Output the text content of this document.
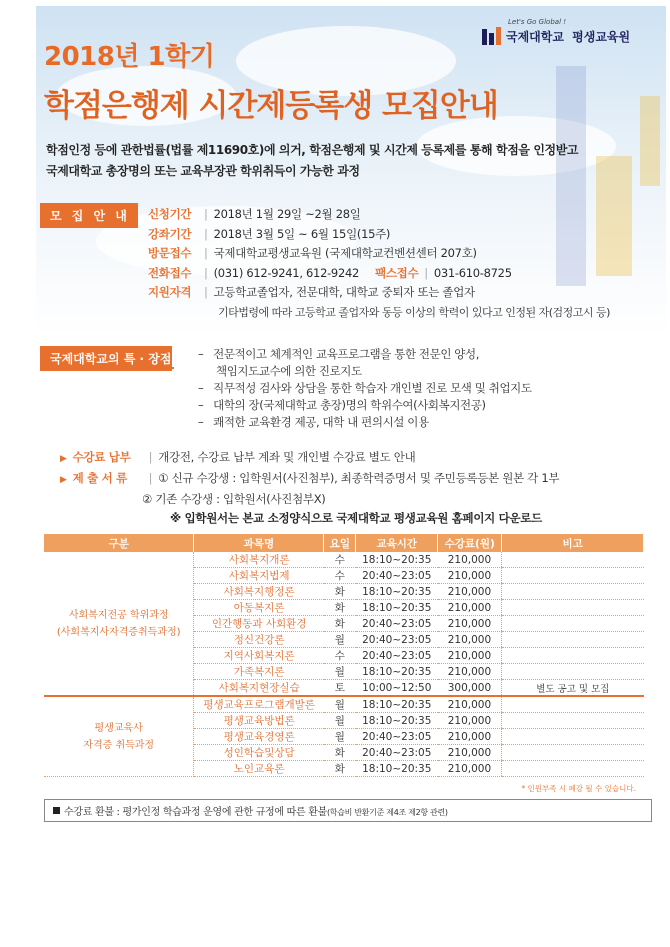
Let's Go Global !
국제대학교 평생교육원
2018년 1학기
학점은행제 시간제등록생 모집안내
학점인정 등에 관한법률(법률 제11690호)에 의거, 학점은행제 및 시간제 등록제를 통해 학점을 인정받고
국제대학교 총장명의 또는 교육부장관 학위취득이 가능한 과정
모 집 안 내	신청기간 | 2018년 1월 29일 ~2월 28일
강좌기간 | 2018년 3월 5일 ~ 6월 15일(15주)
방문접수 | 국제대학교평생교육원 (국제대학교컨벤션센터 207호)
전화접수 | (031) 612-9241, 612-9242 팩스접수 | 031-610-8725
지원자격 | 고등학교졸업자, 전문대학, 대학교 중퇴자 또는 졸업자
기타법령에 따라 고등학교 졸업자와 동등 이상의 학력이 있다고 인정된 자(검정고시 등)
국제대학교의 특 · 장점 –   전문적이고 체계적인 교육프로그램을 통한 전문인 양성,
책임지도교수에 의한 진로지도
–   직무적성 검사와 상담을 통한 학습자 개인별 진로 모색 및 취업지도
–   대학의 장(국제대학교 총장)명의 학위수여(사회복지전공)
–   쾌적한 교육환경 제공, 대학 내 편의시설 이용
▶ 수강료 납부 | 개강전, 수강료 납부 계좌 및 개인별 수강료 별도 안내
▶ 제 출 서 류 | ① 신규 수강생 : 입학원서(사진첨부), 최종학력증명서 및 주민등록등본 원본 각 1부
② 기존 수강생 : 입학원서(사진첨부X)
※ 입학원서는 본교 소정양식으로 국제대학교 평생교육원 홈페이지 다운로드
구분	과목명	요일	교육시간	수강료(원)	비고

사회복지전공 학위과정
(사회복지사자격증취득과정)	사회복지개론	수	18:10~20:35	210,000	
	사회복지법제	수	20:40~23:05	210,000	
	사회복지행정론	화	18:10~20:35	210,000	
	아동복지론	화	18:10~20:35	210,000	
	인간행동과 사회환경	화	20:40~23:05	210,000	
	정신건강론	월	20:40~23:05	210,000	
	지역사회복지론	수	20:40~23:05	210,000	
	가족복지론	월	18:10~20:35	210,000	
	사회복지현장실습	토	10:00~12:50	300,000	별도 공고 및 모집

평생교육사
자격증 취득과정	평생교육프로그램개발론	월	18:10~20:35	210,000	
	평생교육방법론	월	18:10~20:35	210,000	
	평생교육경영론	월	20:40~23:05	210,000	
	성인학습및상담	화	20:40~23:05	210,000	
	노인교육론	화	18:10~20:35	210,000	
* 인원부족 시 폐강 될 수 있습니다.
수강료 환불 : 평가인정 학습과정 운영에 관한 규정에 따른 환불(학습비 반환기준 제4조 제2항 관련)
